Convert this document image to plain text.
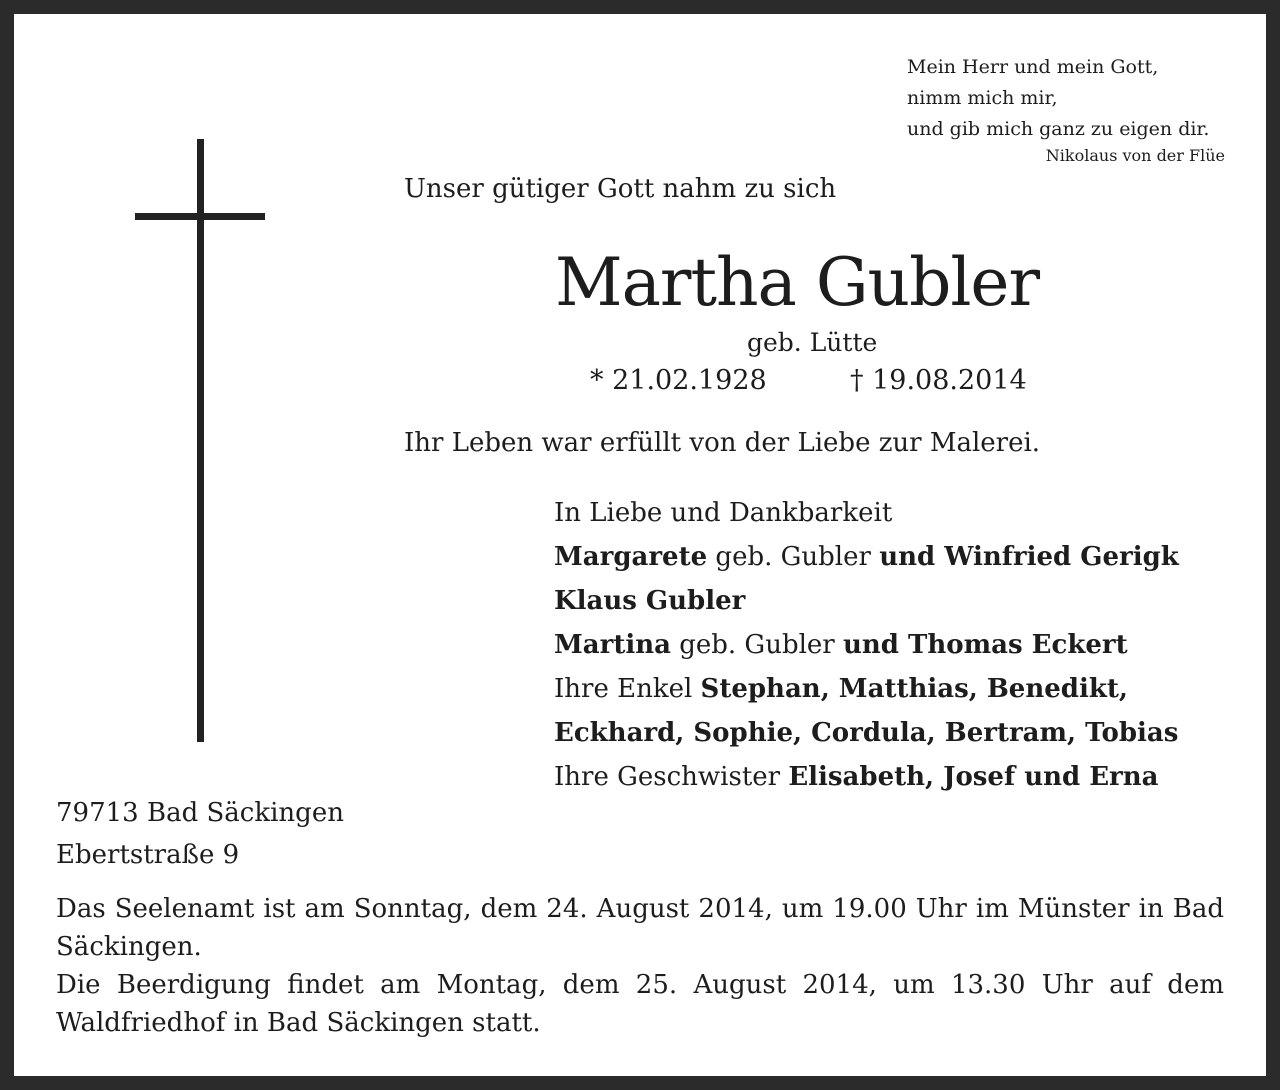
Mein Herr und mein Gott,
nimm mich mir,
und gib mich ganz zu eigen dir.
Nikolaus von der Flüe
Unser gütiger Gott nahm zu sich
Martha Gubler
geb. Lütte
* 21.02.1928	† 19.08.2014
Ihr Leben war erfüllt von der Liebe zur Malerei.
In Liebe und Dankbarkeit
Margarete geb. Gubler und Winfried Gerigk
Klaus Gubler
Martina geb. Gubler und Thomas Eckert
Ihre Enkel Stephan, Matthias, Benedikt,
Eckhard, Sophie, Cordula, Bertram, Tobias
Ihre Geschwister Elisabeth, Josef und Erna
79713 Bad Säckingen
Ebertstraße 9

Das Seelenamt ist am Sonntag, dem 24. August 2014, um 19.00 Uhr im Münster in Bad Säckingen.

Die Beerdigung findet am Montag, dem 25. August 2014, um 13.30 Uhr auf dem Waldfriedhof in Bad Säckingen statt.
